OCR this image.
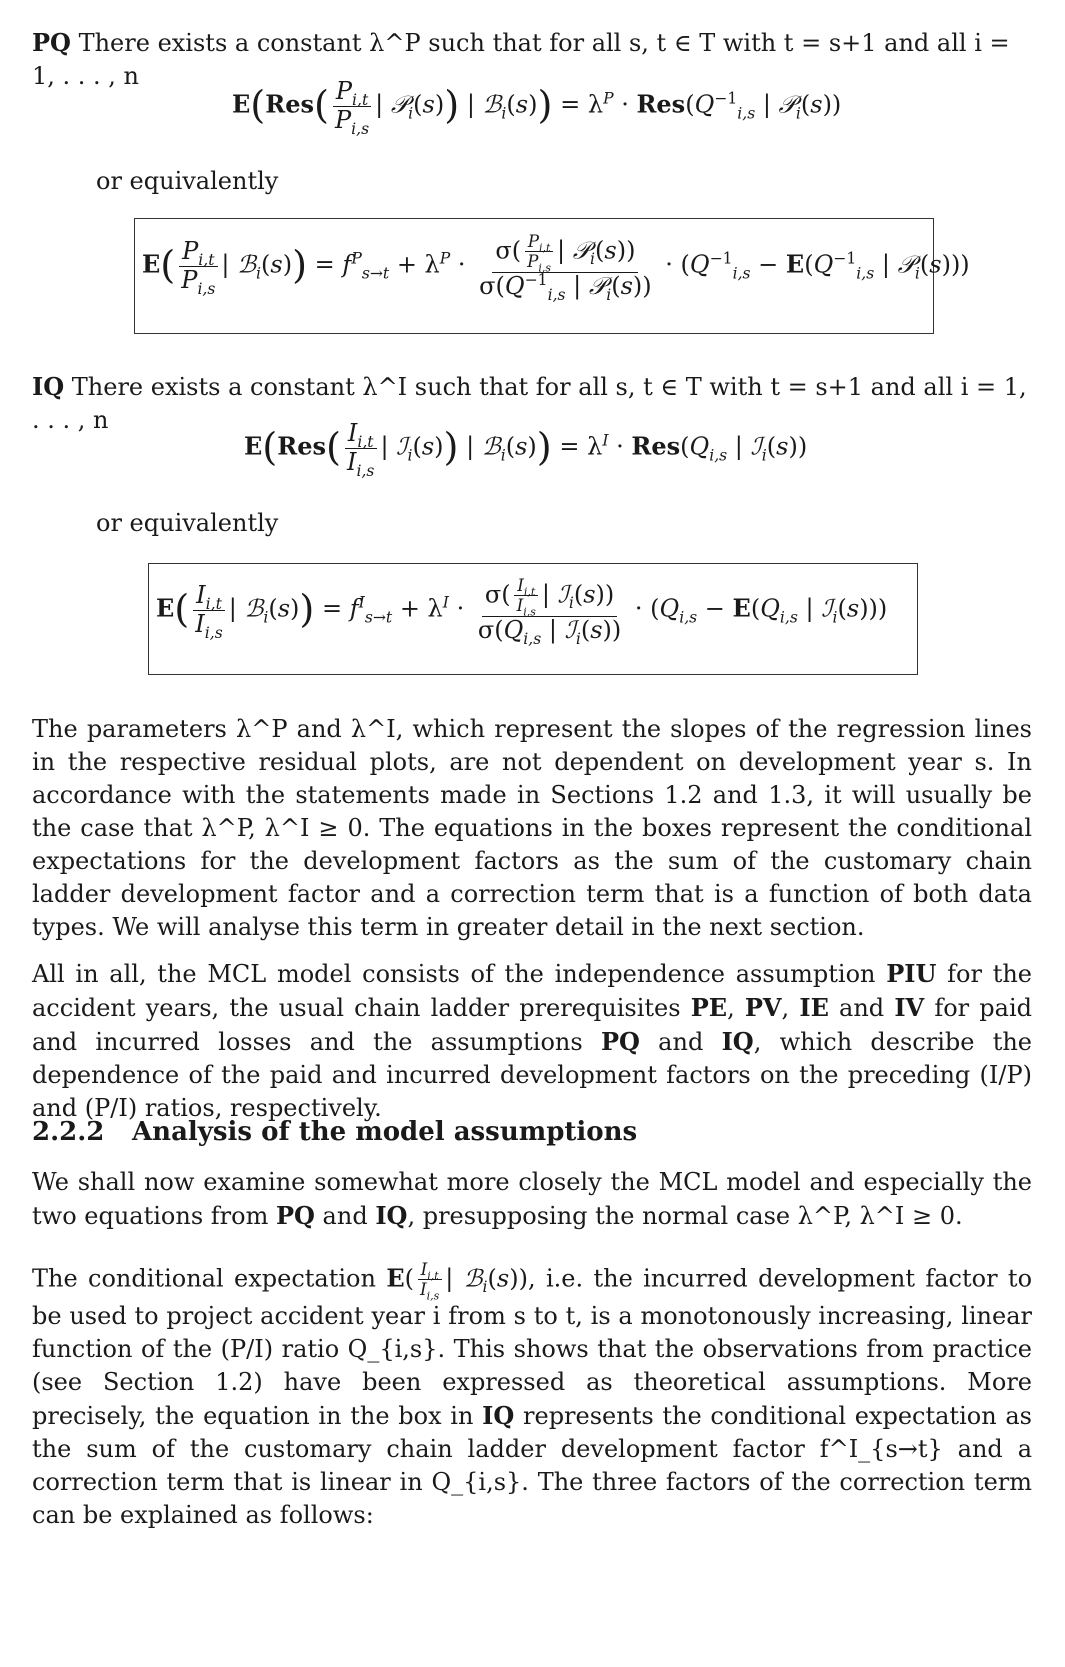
PQ There exists a constant λ^P such that for all s, t ∈ T with t = s+1 and all i = 1, . . . , n
$E(Res( \frac{P_{i,t}}{P_{i,s}}$ | 𝒫$_i$(s)) | ℬ$_i$(s)) = $\lambda^P \cdot Res(Q^{-1}_{i,s}$ | 𝒫$_i$(s))
or equivalently
$E( \frac{P_{i,t}}{P_{i,s}}$ | ℬ$_i$(s)) = $f^P_{s\to t} + \lambda^P \cdot \frac{\sigma( \frac{P_{i,t}}{P_{i,s}} | 𝒫_i(s))}{\sigma(Q^{-1}_{i,s} | 𝒫_i(s))} \cdot (Q^{-1}_{i,s} - E(Q^{-1}_{i,s}$ | 𝒫$_i$(s)))
IQ There exists a constant λ^I such that for all s, t ∈ T with t = s+1 and all i = 1, . . . , n
$E(Res( \frac{I_{i,t}}{I_{i,s}}$ | ℐ$_i$(s)) | ℬ$_i$(s)) = $\lambda^I \cdot Res(Q_{i,s}$ | ℐ$_i$(s))
or equivalently
$E( \frac{I_{i,t}}{I_{i,s}}$ | ℬ$_i$(s)) = $f^I_{s\to t} + \lambda^I \cdot \frac{\sigma( \frac{I_{i,t}}{I_{i,s}} | ℐ_i(s))}{\sigma(Q_{i,s} | ℐ_i(s))} \cdot (Q_{i,s} - E(Q_{i,s}$ | ℐ$_i$(s)))
The parameters λ^P and λ^I, which represent the slopes of the regression lines in the respective residual plots, are not dependent on development year s. In accordance with the statements made in Sections 1.2 and 1.3, it will usually be the case that λ^P, λ^I ≥ 0. The equations in the boxes represent the conditional expectations for the development factors as the sum of the customary chain ladder development factor and a correction term that is a function of both data types. We will analyse this term in greater detail in the next section.
All in all, the MCL model consists of the independence assumption PIU for the accident years, the usual chain ladder prerequisites PE, PV, IE and IV for paid and incurred losses and the assumptions PQ and IQ, which describe the dependence of the paid and incurred development factors on the preceding (I/P) and (P/I) ratios, respectively.
2.2.2 Analysis of the model assumptions
We shall now examine somewhat more closely the MCL model and especially the two equations from PQ and IQ, presupposing the normal case λ^P, λ^I ≥ 0.
The conditional expectation $E( \frac{I_{i,t}}{I_{i,s}}$ | ℬ$_i$(s)), i.e. the incurred development factor to be used to project accident year i from s to t, is a monotonously increasing, linear function of the (P/I) ratio Q_{i,s}. This shows that the observations from practice (see Section 1.2) have been expressed as theoretical assumptions. More precisely, the equation in the box in IQ represents the conditional expectation as the sum of the customary chain ladder development factor f^I_{s→t} and a correction term that is linear in Q_{i,s}. The three factors of the correction term can be explained as follows:
